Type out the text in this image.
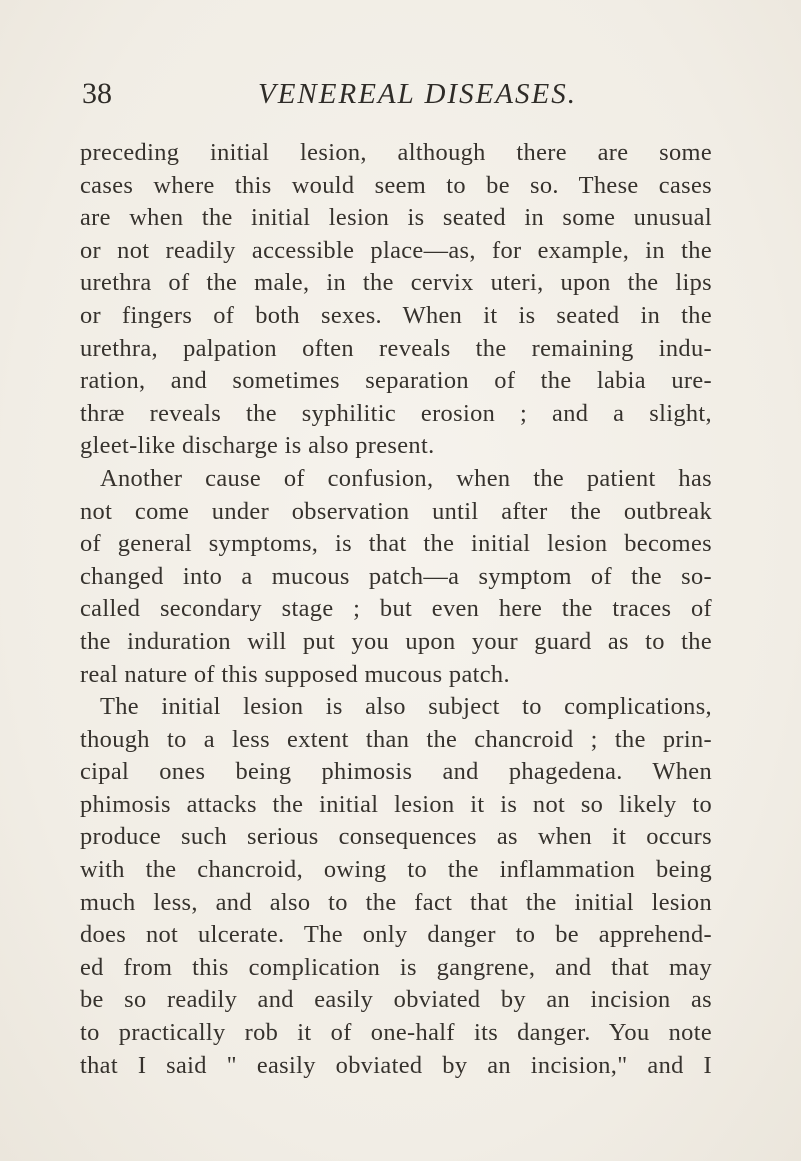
38	VENEREAL DISEASES.
preceding initial lesion, although there are some
cases where this would seem to be so. These cases
are when the initial lesion is seated in some unusual
or not readily accessible place—as, for example, in the
urethra of the male, in the cervix uteri, upon the lips
or fingers of both sexes. When it is seated in the
urethra, palpation often reveals the remaining indu-
ration, and sometimes separation of the labia ure-
thræ reveals the syphilitic erosion ; and a slight,
gleet-like discharge is also present.
Another cause of confusion, when the patient has
not come under observation until after the outbreak
of general symptoms, is that the initial lesion becomes
changed into a mucous patch—a symptom of the so-
called secondary stage ; but even here the traces of
the induration will put you upon your guard as to the
real nature of this supposed mucous patch.
The initial lesion is also subject to complications,
though to a less extent than the chancroid ; the prin-
cipal ones being phimosis and phagedena. When
phimosis attacks the initial lesion it is not so likely to
produce such serious consequences as when it occurs
with the chancroid, owing to the inflammation being
much less, and also to the fact that the initial lesion
does not ulcerate. The only danger to be apprehend-
ed from this complication is gangrene, and that may
be so readily and easily obviated by an incision as
to practically rob it of one-half its danger. You note
that I said " easily obviated by an incision," and I
